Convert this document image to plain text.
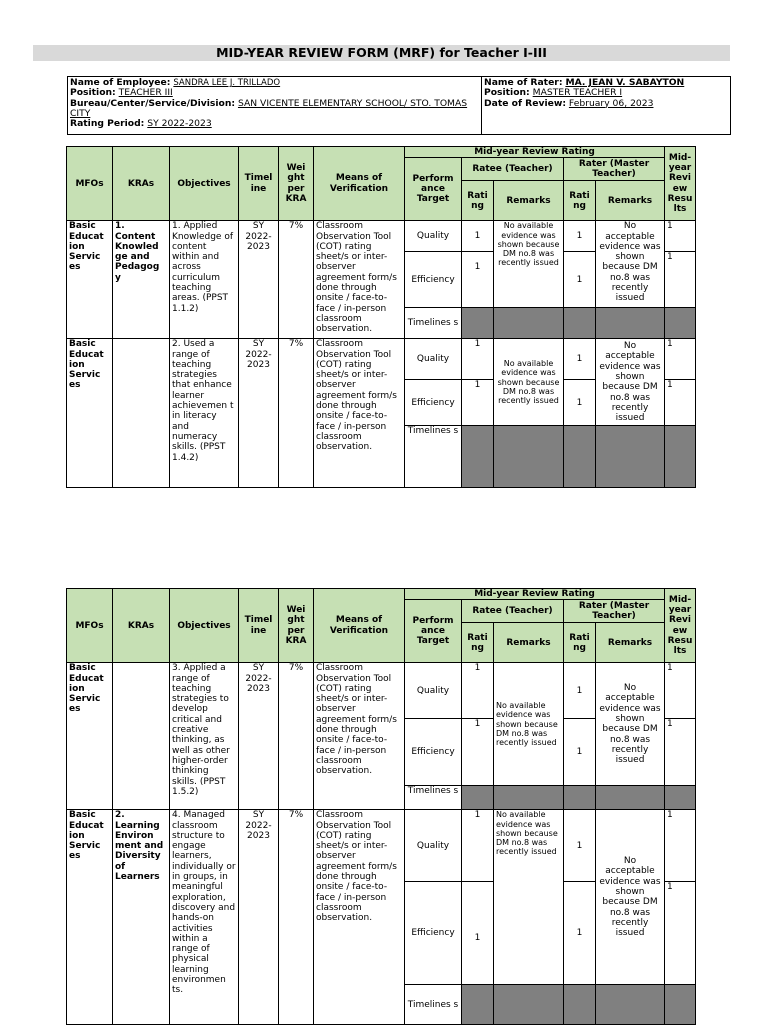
MID-YEAR REVIEW FORM (MRF) for Teacher I-III
Name of Employee: SANDRA LEE J. TRILLADO
Position: TEACHER III
Bureau/Center/Service/Division: SAN VICENTE ELEMENTARY SCHOOL/ STO. TOMAS CITY
Rating Period: SY 2022-2023
Name of Rater: MA. JEAN V. SABAYTON
Position: MASTER TEACHER I
Date of Review: February 06, 2023
MFOs	KRAs	Objectives	Timel ine	Wei ght per KRA	Means of Verification	Mid-year Review Rating					Mid-year Revi ew Resu lts
						Perform ance Target	Ratee (Teacher)		Rater (Master Teacher)		
							Rati ng	Remarks	Rati ng	Remarks	
Basic Educat ion Servic es	1. Content Knowled ge and Pedagog y	1. Applied Knowledge of content within and across curriculum teaching areas. (PPST 1.1.2)	SY 2022-2023	7%	Classroom Observation Tool (COT) rating sheet/s or inter-observer agreement form/s done through onsite / face-to-face / in-person classroom observation.	Quality	1	No available evidence was shown because DM no.8 was recently issued	1	No acceptable evidence was shown because DM no.8 was recently issued	1
						Efficiency	1		1		1
						Timelines s					
Basic Educat ion Servic es		2. Used a range of teaching strategies that enhance learner achievemen t in literacy and numeracy skills. (PPST 1.4.2)	SY 2022-2023	7%	Classroom Observation Tool (COT) rating sheet/s or inter-observer agreement form/s done through onsite / face-to-face / in-person classroom observation.	Quality	1	No available evidence was shown because DM no.8 was recently issued	1	No acceptable evidence was shown because DM no.8 was recently issued	1
						Efficiency	1		1		1
						Timelines s					
MFOs	KRAs	Objectives	Timel ine	Wei ght per KRA	Means of Verification	Mid-year Review Rating					Mid-year Revi ew Resu lts
						Perform ance Target	Ratee (Teacher)		Rater (Master Teacher)		
							Rati ng	Remarks	Rati ng	Remarks	
Basic Educat ion Servic es		3. Applied a range of teaching strategies to develop critical and creative thinking, as well as other higher-order thinking skills. (PPST 1.5.2)	SY 2022-2023	7%	Classroom Observation Tool (COT) rating sheet/s or inter-observer agreement form/s done through onsite / face-to-face / in-person classroom observation.	Quality	1	No available evidence was shown because DM no.8 was recently issued	1	No acceptable evidence was shown because DM no.8 was recently issued	1
						Efficiency	1		1		1
						Timelines s					
Basic Educat ion Servic es	2. Learning Environ ment and Diversity of Learners	4. Managed classroom structure to engage learners, individually or in groups, in meaningful exploration, discovery and hands-on activities within a range of physical learning environmen ts.	SY 2022-2023	7%	Classroom Observation Tool (COT) rating sheet/s or inter-observer agreement form/s done through onsite / face-to-face / in-person classroom observation.	Quality	1	No available evidence was shown because DM no.8 was recently issued	1	No acceptable evidence was shown because DM no.8 was recently issued	1
						Efficiency	1		1		1
						Timelines s					
